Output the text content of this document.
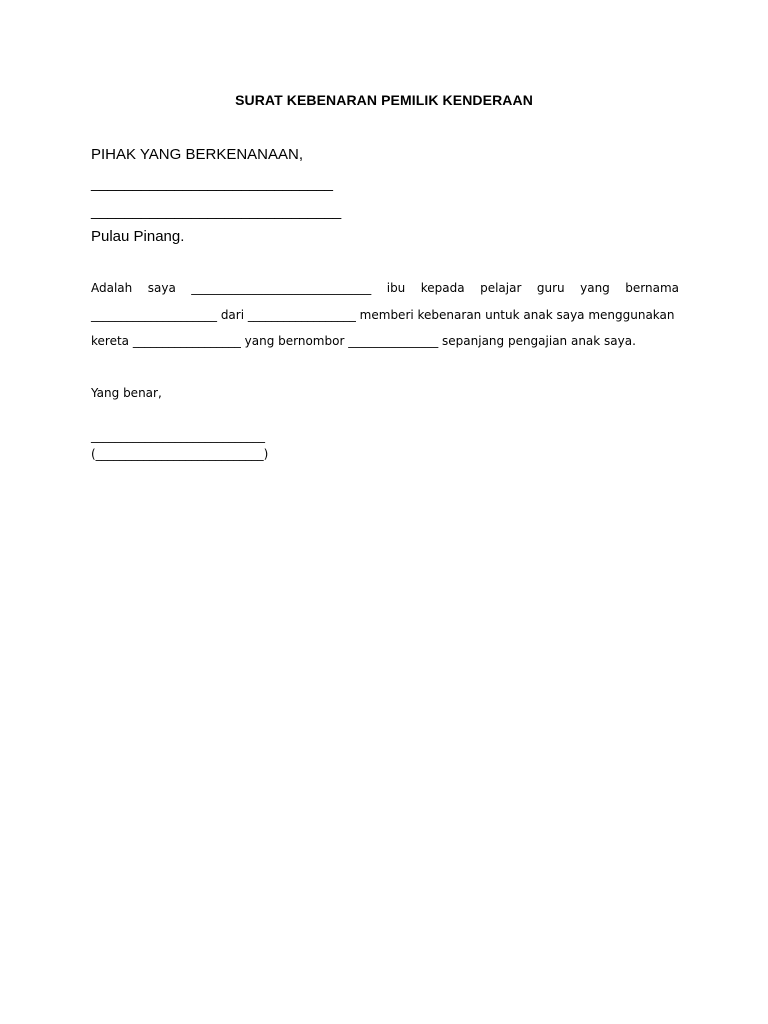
SURAT KEBENARAN PEMILIK KENDERAAN
PIHAK YANG BERKENANAAN,
_____________________________
______________________________
Pulau Pinang.
Adalah saya ______________________________ ibu kepada pelajar guru yang bernama
_____________________ dari __________________ memberi kebenaran untuk anak saya menggunakan
kereta __________________ yang bernombor _______________ sepanjang pengajian anak saya.
Yang benar,
_____________________________
(____________________________)
